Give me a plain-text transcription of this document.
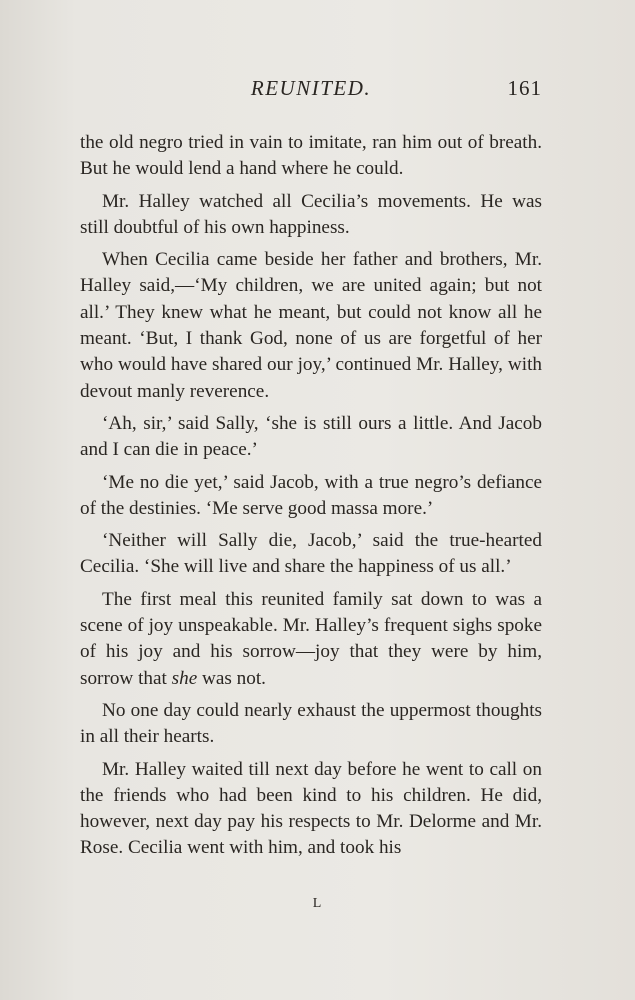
REUNITED.	161

the old negro tried in vain to imitate, ran him out of breath. But he would lend a hand where he could.

Mr. Halley watched all Cecilia’s movements. He was still doubtful of his own happiness.

When Cecilia came beside her father and brothers, Mr. Halley said,—‘My children, we are united again; but not all.’ They knew what he meant, but could not know all he meant. ‘But, I thank God, none of us are forgetful of her who would have shared our joy,’ continued Mr. Halley, with devout manly reverence.

‘Ah, sir,’ said Sally, ‘she is still ours a little. And Jacob and I can die in peace.’

‘Me no die yet,’ said Jacob, with a true negro’s defiance of the destinies. ‘Me serve good massa more.’

‘Neither will Sally die, Jacob,’ said the true-hearted Cecilia. ‘She will live and share the happiness of us all.’

The first meal this reunited family sat down to was a scene of joy unspeakable. Mr. Halley’s frequent sighs spoke of his joy and his sorrow—joy that they were by him, sorrow that she was not.

No one day could nearly exhaust the uppermost thoughts in all their hearts.

Mr. Halley waited till next day before he went to call on the friends who had been kind to his children. He did, however, next day pay his respects to Mr. Delorme and Mr. Rose. Cecilia went with him, and took his

L
